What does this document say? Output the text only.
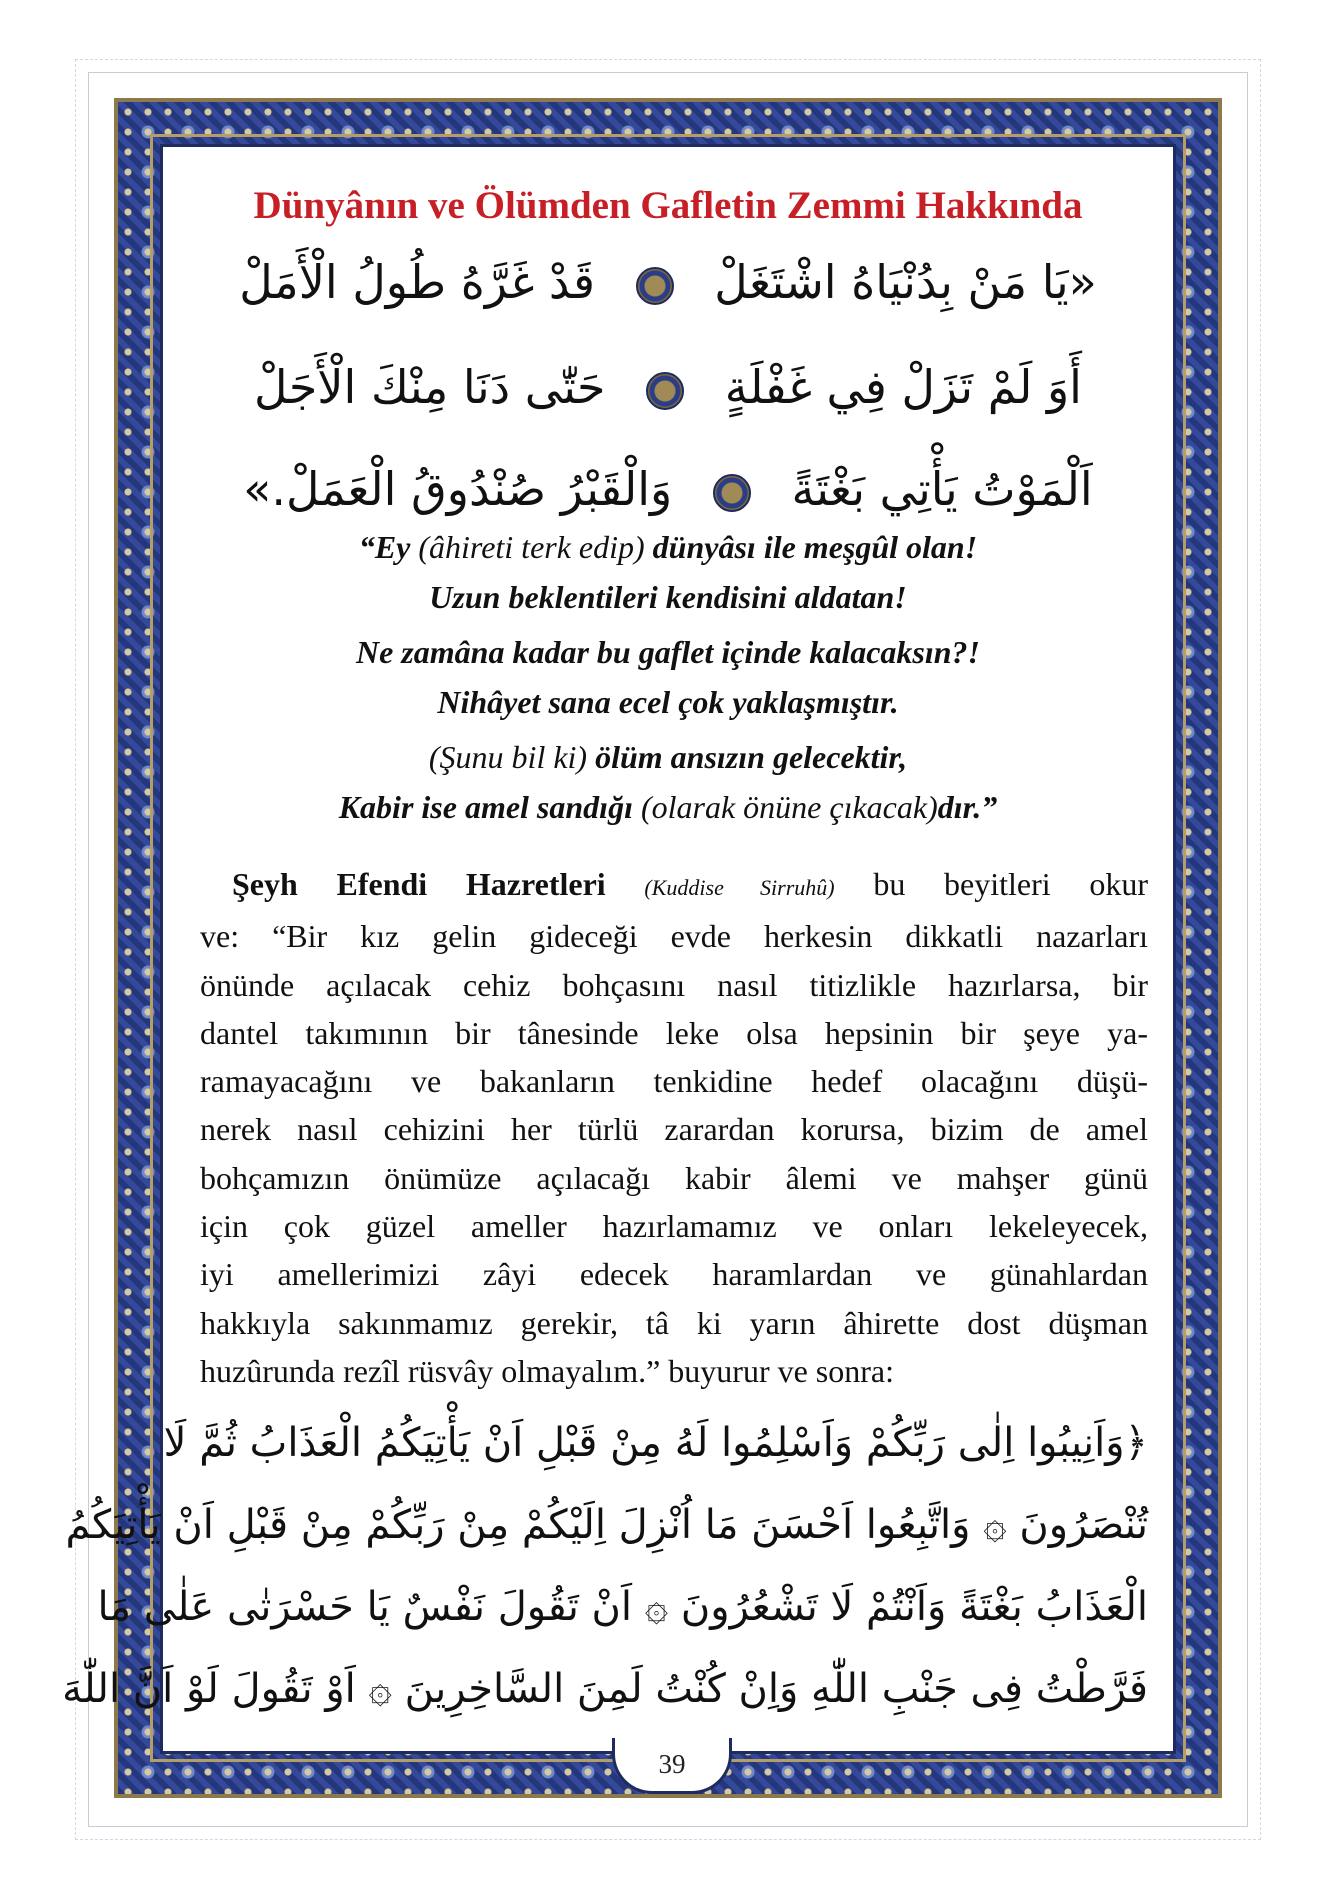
39
Dünyânın ve Ölümden Gafletin Zemmi Hakkında
«يَا مَنْ بِدُنْيَاهُ اشْتَغَلْ  قَدْ غَرَّهُ طُولُ الْأَمَلْ
أَوَ لَمْ تَزَلْ فِي غَفْلَةٍ  حَتّٰى دَنَا مِنْكَ الْأَجَلْ
اَلْمَوْتُ يَأْتِي بَغْتَةً  وَالْقَبْرُ صُنْدُوقُ الْعَمَلْ.»
“Ey (âhireti terk edip) dünyâsı ile meşgûl olan!
Uzun beklentileri kendisini aldatan!
Ne zamâna kadar bu gaflet içinde kalacaksın?!
Nihâyet sana ecel çok yaklaşmıştır.
(Şunu bil ki) ölüm ansızın gelecektir,
Kabir ise amel sandığı (olarak önüne çıkacak)dır.”
 Şeyh Efendi Hazretleri (Kuddise Sirruhû) bu beyitleri okur
ve: “Bir kız gelin gideceği evde herkesin dikkatli nazarları
önünde açılacak cehiz bohçasını nasıl titizlikle hazırlarsa, bir
dantel takımının bir tânesinde leke olsa hepsinin bir şeye ya-
ramayacağını ve bakanların tenkidine hedef olacağını düşü-
nerek nasıl cehizini her türlü zarardan korursa, bizim de amel
bohçamızın önümüze açılacağı kabir âlemi ve mahşer günü
için çok güzel ameller hazırlamamız ve onları lekeleyecek,
iyi amellerimizi zâyi edecek haramlardan ve günahlardan
hakkıyla sakınmamız gerekir, tâ ki yarın âhirette dost düşman
huzûrunda rezîl rüsvây olmayalım.” buyurur ve sonra:
﴿وَاَنِيبُوا اِلٰى رَبِّكُمْ وَاَسْلِمُوا لَهُ مِنْ قَبْلِ اَنْ يَأْتِيَكُمُ الْعَذَابُ ثُمَّ لَا
تُنْصَرُونَ ۞ وَاتَّبِعُوا اَحْسَنَ مَا اُنْزِلَ اِلَيْكُمْ مِنْ رَبِّكُمْ مِنْ قَبْلِ اَنْ يَأْتِيَكُمُ
الْعَذَابُ بَغْتَةً وَاَنْتُمْ لَا تَشْعُرُونَ ۞ اَنْ تَقُولَ نَفْسٌ يَا حَسْرَتٰى عَلٰى مَا
فَرَّطْتُ فِى جَنْبِ اللّٰهِ وَاِنْ كُنْتُ لَمِنَ السَّاخِرِينَ ۞ اَوْ تَقُولَ لَوْ اَنَّ اللّٰهَ
